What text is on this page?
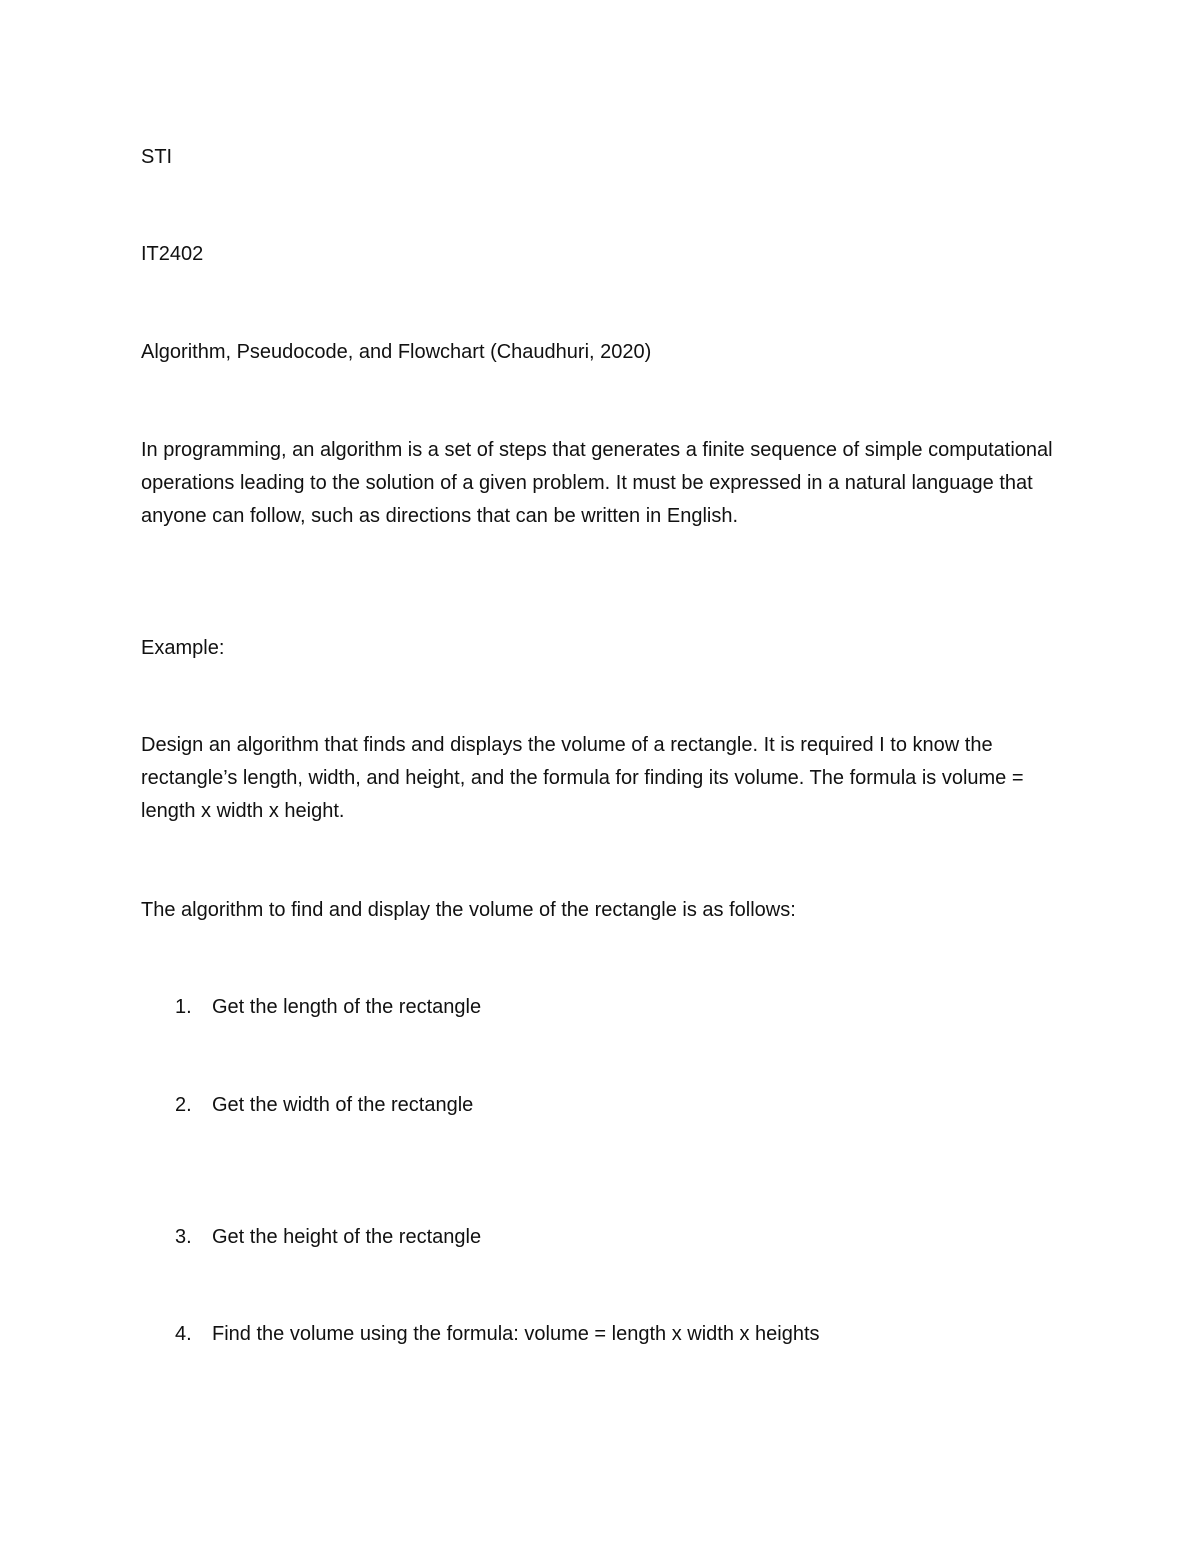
STI
IT2402
Algorithm, Pseudocode, and Flowchart (Chaudhuri, 2020)
In programming, an algorithm is a set of steps that generates a finite sequence of simple computational operations leading to the solution of a given problem. It must be expressed in a natural language that anyone can follow, such as directions that can be written in English.
Example:
Design an algorithm that finds and displays the volume of a rectangle. It is required I to know the rectangle’s length, width, and height, and the formula for finding its volume. The formula is volume = length x width x height.
The algorithm to find and display the volume of the rectangle is as follows:
1. Get the length of the rectangle
2. Get the width of the rectangle
3. Get the height of the rectangle
4. Find the volume using the formula: volume = length x width x heights
